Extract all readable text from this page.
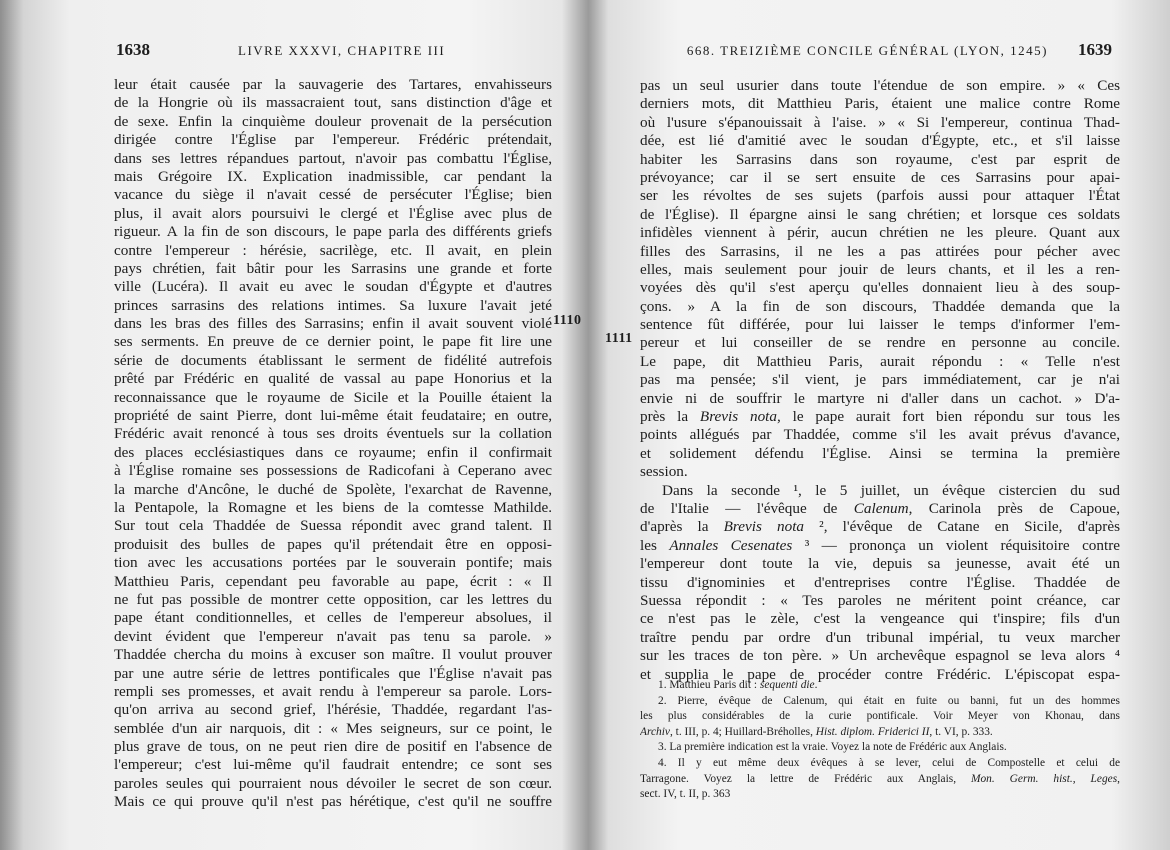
1638	LIVRE XXXVI, CHAPITRE III
leur était causée par la sauvagerie des Tartares, envahisseurs
de la Hongrie où ils massacraient tout, sans distinction d'âge et
de sexe. Enfin la cinquième douleur provenait de la persécution
dirigée contre l'Église par l'empereur. Frédéric prétendait,
dans ses lettres répandues partout, n'avoir pas combattu l'Église,
mais Grégoire IX. Explication inadmissible, car pendant la
vacance du siège il n'avait cessé de persécuter l'Église; bien
plus, il avait alors poursuivi le clergé et l'Église avec plus de
rigueur. A la fin de son discours, le pape parla des différents griefs
contre l'empereur : hérésie, sacrilège, etc. Il avait, en plein
pays chrétien, fait bâtir pour les Sarrasins une grande et forte
ville (Lucéra). Il avait eu avec le soudan d'Égypte et d'autres
princes sarrasins des relations intimes. Sa luxure l'avait jeté
dans les bras des filles des Sarrasins; enfin il avait souvent violé
ses serments. En preuve de ce dernier point, le pape fit lire une
série de documents établissant le serment de fidélité autrefois
prêté par Frédéric en qualité de vassal au pape Honorius et la
reconnaissance que le royaume de Sicile et la Pouille étaient la
propriété de saint Pierre, dont lui-même était feudataire; en outre,
Frédéric avait renoncé à tous ses droits éventuels sur la collation
des places ecclésiastiques dans ce royaume; enfin il confirmait
à l'Église romaine ses possessions de Radicofani à Ceperano avec
la marche d'Ancône, le duché de Spolète, l'exarchat de Ravenne,
la Pentapole, la Romagne et les biens de la comtesse Mathilde.
Sur tout cela Thaddée de Suessa répondit avec grand talent. Il
produisit des bulles de papes qu'il prétendait être en opposi-
tion avec les accusations portées par le souverain pontife; mais
Matthieu Paris, cependant peu favorable au pape, écrit : « Il
ne fut pas possible de montrer cette opposition, car les lettres du
pape étant conditionnelles, et celles de l'empereur absolues, il
devint évident que l'empereur n'avait pas tenu sa parole. »
Thaddée chercha du moins à excuser son maître. Il voulut prouver
par une autre série de lettres pontificales que l'Église n'avait pas
rempli ses promesses, et avait rendu à l'empereur sa parole. Lors-
qu'on arriva au second grief, l'hérésie, Thaddée, regardant l'as-
semblée d'un air narquois, dit : « Mes seigneurs, sur ce point, le
plus grave de tous, on ne peut rien dire de positif en l'absence de
l'empereur; c'est lui-même qu'il faudrait entendre; ce sont ses
paroles seules qui pourraient nous dévoiler le secret de son cœur.
Mais ce qui prouve qu'il n'est pas hérétique, c'est qu'il ne souffre
1110
668. TREIZIÈME CONCILE GÉNÉRAL (LYON, 1245) 1639
pas un seul usurier dans toute l'étendue de son empire. » « Ces
derniers mots, dit Matthieu Paris, étaient une malice contre Rome
où l'usure s'épanouissait à l'aise. » « Si l'empereur, continua Thad-
dée, est lié d'amitié avec le soudan d'Égypte, etc., et s'il laisse
habiter les Sarrasins dans son royaume, c'est par esprit de
prévoyance; car il se sert ensuite de ces Sarrasins pour apai-
ser les révoltes de ses sujets (parfois aussi pour attaquer l'État
de l'Église). Il épargne ainsi le sang chrétien; et lorsque ces soldats
infidèles viennent à périr, aucun chrétien ne les pleure. Quant aux
filles des Sarrasins, il ne les a pas attirées pour pécher avec
elles, mais seulement pour jouir de leurs chants, et il les a ren-
voyées dès qu'il s'est aperçu qu'elles donnaient lieu à des soup-
çons. » A la fin de son discours, Thaddée demanda que la
sentence fût différée, pour lui laisser le temps d'informer l'em-
pereur et lui conseiller de se rendre en personne au concile.
Le pape, dit Matthieu Paris, aurait répondu : « Telle n'est
pas ma pensée; s'il vient, je pars immédiatement, car je n'ai
envie ni de souffrir le martyre ni d'aller dans un cachot. » D'a-
près la Brevis nota, le pape aurait fort bien répondu sur tous les
points allégués par Thaddée, comme s'il les avait prévus d'avance,
et solidement défendu l'Église. Ainsi se termina la première
session.
Dans la seconde ¹, le 5 juillet, un évêque cistercien du sud
de l'Italie — l'évêque de Calenum, Carinola près de Capoue,
d'après la Brevis nota ², l'évêque de Catane en Sicile, d'après
les Annales Cesenates ³ — prononça un violent réquisitoire contre
l'empereur dont toute la vie, depuis sa jeunesse, avait été un
tissu d'ignominies et d'entreprises contre l'Église. Thaddée de
Suessa répondit : « Tes paroles ne méritent point créance, car
ce n'est pas le zèle, c'est la vengeance qui t'inspire; fils d'un
traître pendu par ordre d'un tribunal impérial, tu veux marcher
sur les traces de ton père. » Un archevêque espagnol se leva alors ⁴
et supplia le pape de procéder contre Frédéric. L'épiscopat espa-
1111
1. Matthieu Paris dit : sequenti die.
2. Pierre, évêque de Calenum, qui était en fuite ou banni, fut un des hommes
les plus considérables de la curie pontificale. Voir Meyer von Khonau, dans
Archiv, t. III, p. 4; Huillard-Bréholles, Hist. diplom. Friderici II, t. VI, p. 333.
3. La première indication est la vraie. Voyez la note de Frédéric aux Anglais.
4. Il y eut même deux évêques à se lever, celui de Compostelle et celui de
Tarragone. Voyez la lettre de Frédéric aux Anglais, Mon. Germ. hist., Leges,
sect. IV, t. II, p. 363
